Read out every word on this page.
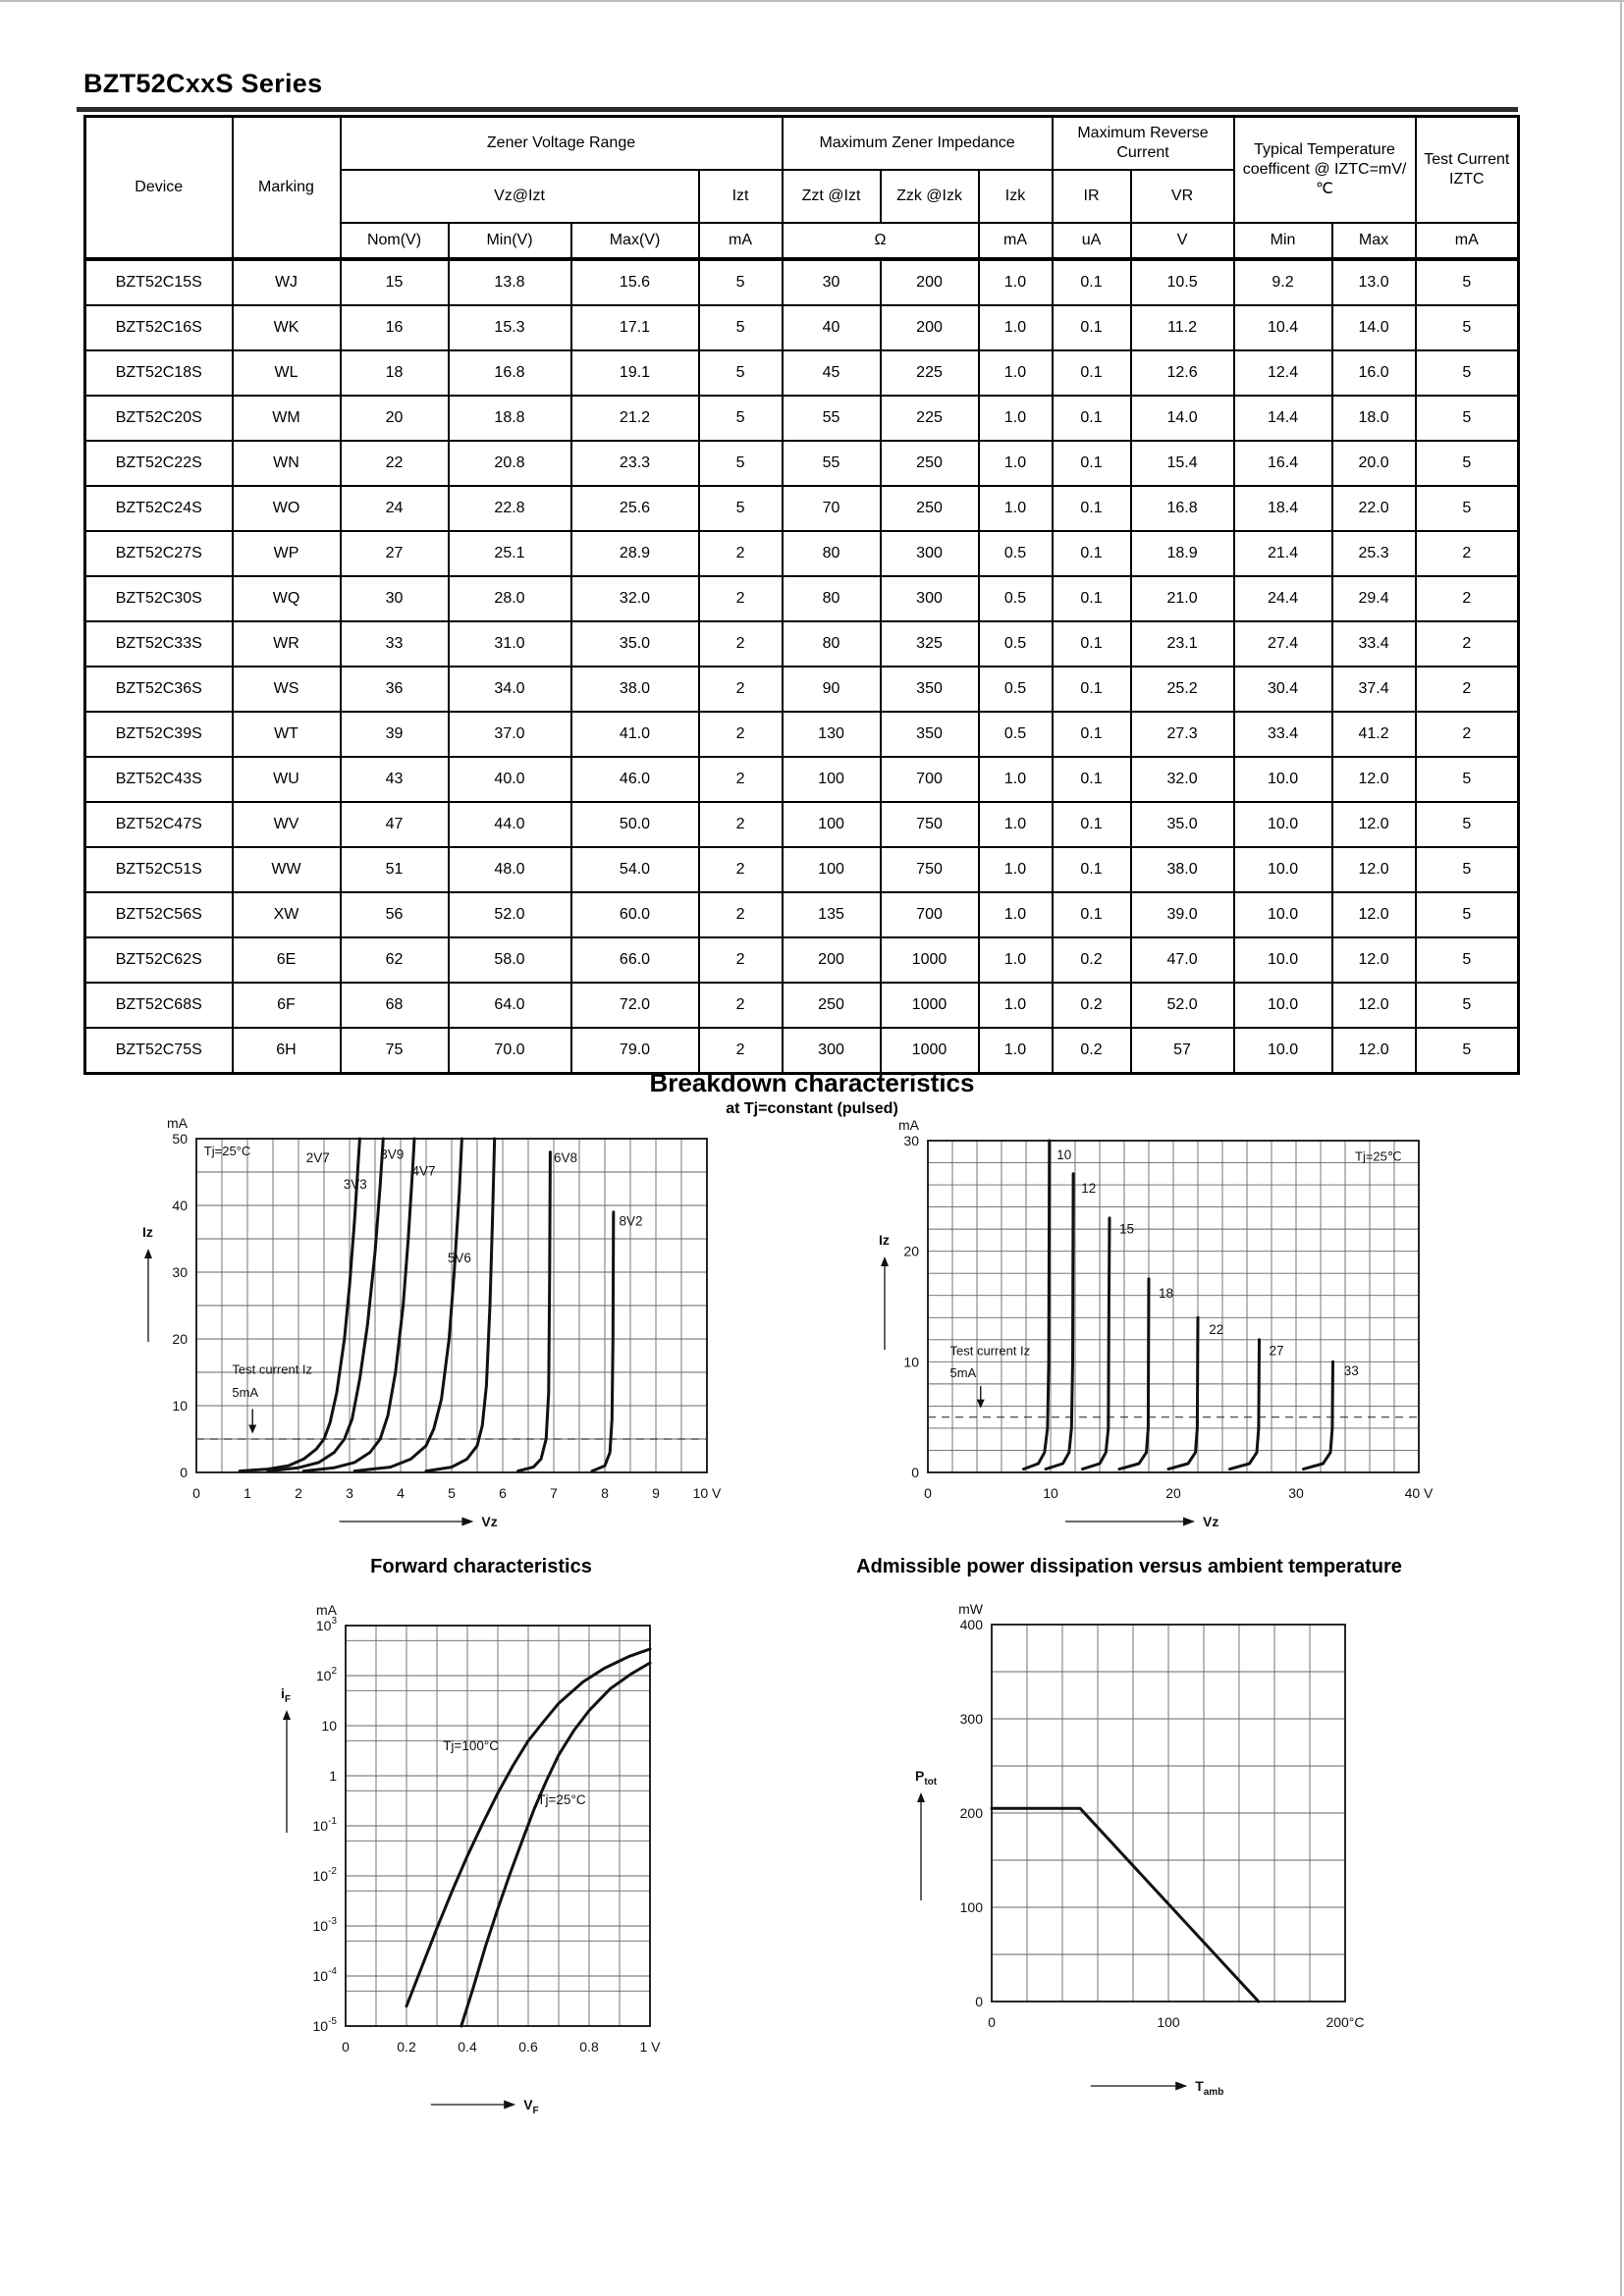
BZT52CxxS Series
Device	Marking	Zener Voltage Range				Maximum Zener Impedance			Maximum Reverse Current		Typical Temperature coefficent @ IZTC=mV/℃		Test Current IZTC
		Vz@Izt			Izt	Zzt @Izt	Zzk @Izk	Izk	IR	VR			
		Nom(V)	Min(V)	Max(V)	mA	Ω		mA	uA	V	Min	Max	mA
BZT52C15S	WJ	15	13.8	15.6	5	30	200	1.0	0.1	10.5	9.2	13.0	5
BZT52C16S	WK	16	15.3	17.1	5	40	200	1.0	0.1	11.2	10.4	14.0	5
BZT52C18S	WL	18	16.8	19.1	5	45	225	1.0	0.1	12.6	12.4	16.0	5
BZT52C20S	WM	20	18.8	21.2	5	55	225	1.0	0.1	14.0	14.4	18.0	5
BZT52C22S	WN	22	20.8	23.3	5	55	250	1.0	0.1	15.4	16.4	20.0	5
BZT52C24S	WO	24	22.8	25.6	5	70	250	1.0	0.1	16.8	18.4	22.0	5
BZT52C27S	WP	27	25.1	28.9	2	80	300	0.5	0.1	18.9	21.4	25.3	2
BZT52C30S	WQ	30	28.0	32.0	2	80	300	0.5	0.1	21.0	24.4	29.4	2
BZT52C33S	WR	33	31.0	35.0	2	80	325	0.5	0.1	23.1	27.4	33.4	2
BZT52C36S	WS	36	34.0	38.0	2	90	350	0.5	0.1	25.2	30.4	37.4	2
BZT52C39S	WT	39	37.0	41.0	2	130	350	0.5	0.1	27.3	33.4	41.2	2
BZT52C43S	WU	43	40.0	46.0	2	100	700	1.0	0.1	32.0	10.0	12.0	5
BZT52C47S	WV	47	44.0	50.0	2	100	750	1.0	0.1	35.0	10.0	12.0	5
BZT52C51S	WW	51	48.0	54.0	2	100	750	1.0	0.1	38.0	10.0	12.0	5
BZT52C56S	XW	56	52.0	60.0	2	135	700	1.0	0.1	39.0	10.0	12.0	5
BZT52C62S	6E	62	58.0	66.0	2	200	1000	1.0	0.2	47.0	10.0	12.0	5
BZT52C68S	6F	68	64.0	72.0	2	250	1000	1.0	0.2	52.0	10.0	12.0	5
BZT52C75S	6H	75	70.0	79.0	2	300	1000	1.0	0.2	57	10.0	12.0	5
Breakdown characteristics
at Tj=constant (pulsed)
0	1	2	3	4	5	6	7	8	9 10 V
0
10
20
30
40
50
mA
2V7
3V3
3V9
4V7
5V6
6V8
8V2
Tj=25°C
Test current Iz
5mA
Iz
Vz
0	10	20	30	40 V
0
10
20
30
mA
10
12
15
18
22
27
33
Tj=25℃
Test current Iz
5mA
Iz
Vz
Forward characteristics	Admissible power dissipation versus ambient temperature
0	0.2	0.4	0.6	0.8	1 V
$10^3$
$10^2$
10
1
$10^{-1}$
$10^{-2}$
$10^{-3}$
$10^{-4}$
$10^{-5}$
mA
Tj=100°C
Tj=25°C
$i_F$
$V_F$
0	100	200°C
0
100
200
300
400
mW
$P_{tot}$
$T_{amb}$
